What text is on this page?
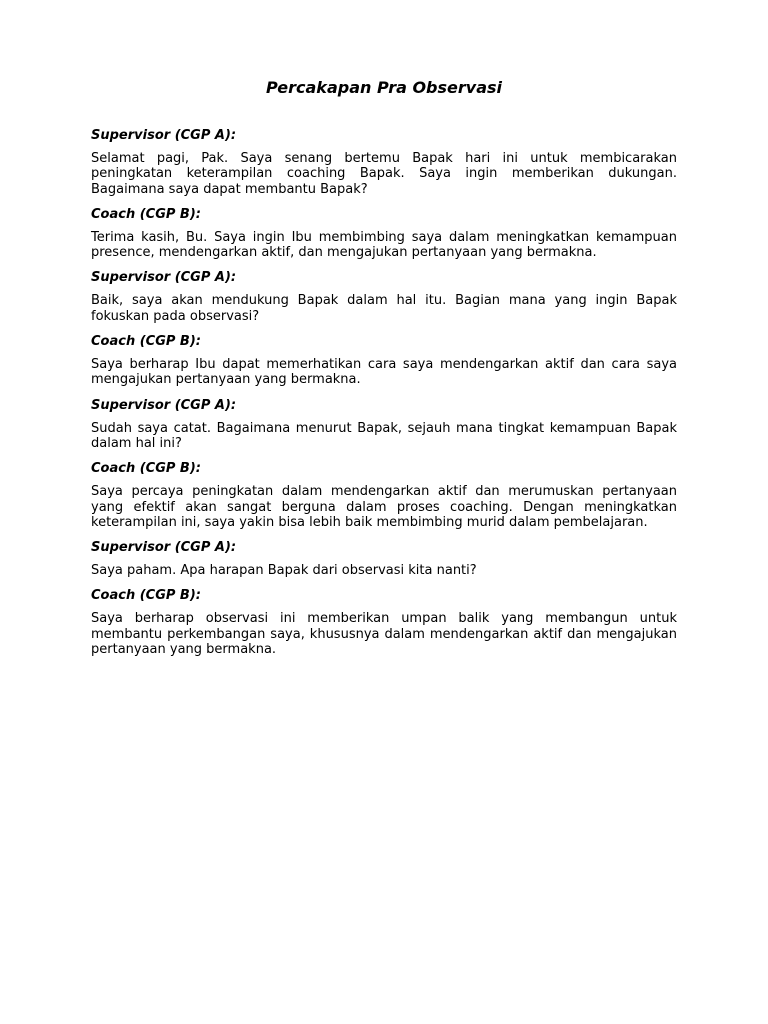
Percakapan Pra Observasi

Supervisor (CGP A):

Selamat pagi, Pak. Saya senang bertemu Bapak hari ini untuk membicarakan peningkatan keterampilan coaching Bapak. Saya ingin memberikan dukungan. Bagaimana saya dapat membantu Bapak?

Coach (CGP B):

Terima kasih, Bu. Saya ingin Ibu membimbing saya dalam meningkatkan kemampuan presence, mendengarkan aktif, dan mengajukan pertanyaan yang bermakna.

Supervisor (CGP A):

Baik, saya akan mendukung Bapak dalam hal itu. Bagian mana yang ingin Bapak fokuskan pada observasi?

Coach (CGP B):

Saya berharap Ibu dapat memerhatikan cara saya mendengarkan aktif dan cara saya mengajukan pertanyaan yang bermakna.

Supervisor (CGP A):

Sudah saya catat. Bagaimana menurut Bapak, sejauh mana tingkat kemampuan Bapak dalam hal ini?

Coach (CGP B):

Saya percaya peningkatan dalam mendengarkan aktif dan merumuskan pertanyaan yang efektif akan sangat berguna dalam proses coaching. Dengan meningkatkan keterampilan ini, saya yakin bisa lebih baik membimbing murid dalam pembelajaran.

Supervisor (CGP A):

Saya paham. Apa harapan Bapak dari observasi kita nanti?

Coach (CGP B):

Saya berharap observasi ini memberikan umpan balik yang membangun untuk membantu perkembangan saya, khususnya dalam mendengarkan aktif dan mengajukan pertanyaan yang bermakna.
